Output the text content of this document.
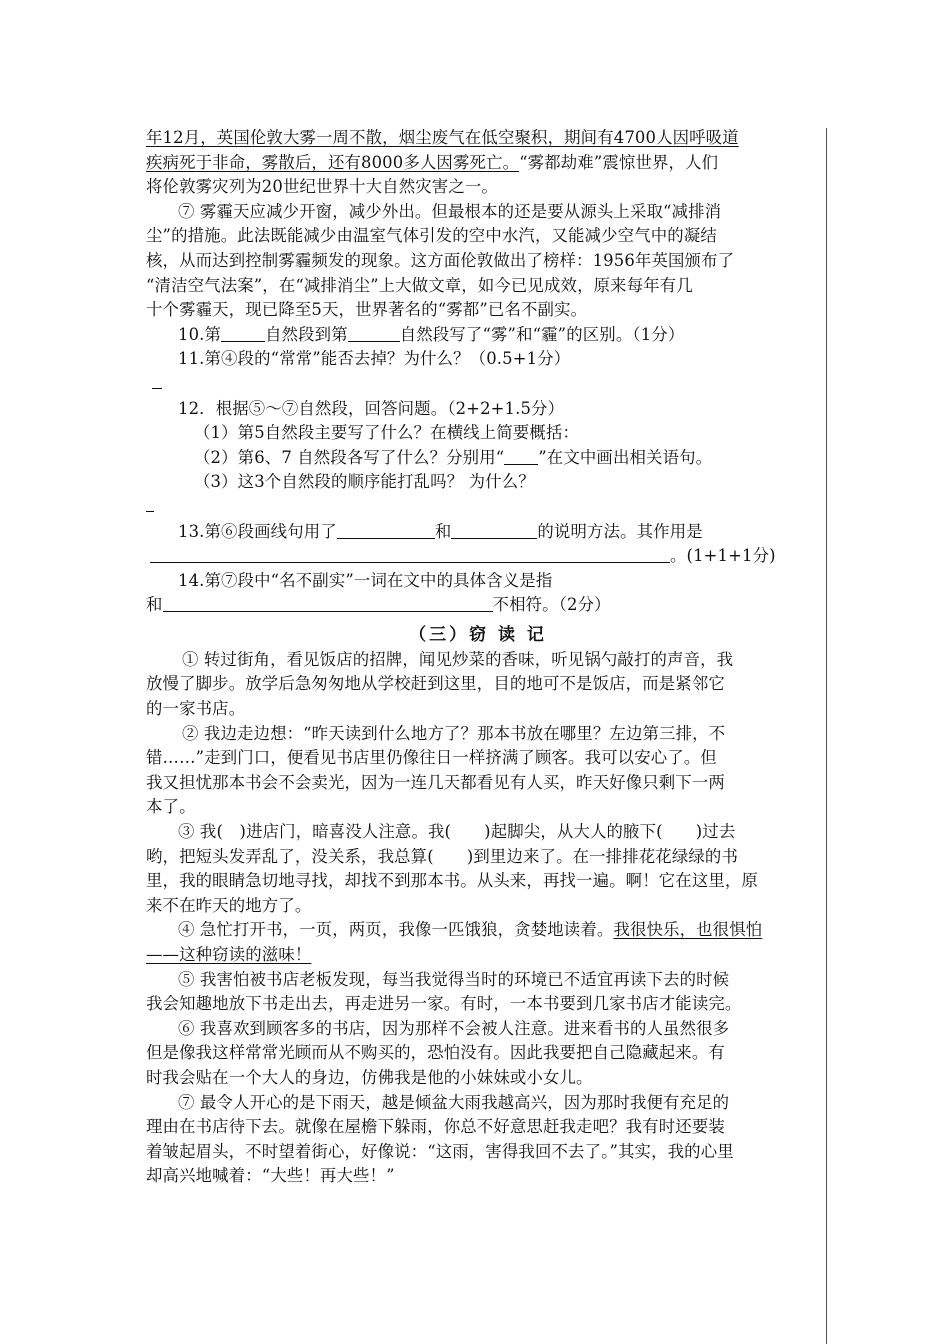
年12月，英国伦敦大雾一周不散，烟尘废气在低空聚积，期间有4700人因呼吸道
疾病死于非命，雾散后，还有8000多人因雾死亡。“雾都劫难”震惊世界，人们
将伦敦雾灾列为20世纪世界十大自然灾害之一。
⑦ 雾霾天应减少开窗，减少外出。但最根本的还是要从源头上采取“减排消
尘”的措施。此法既能减少由温室气体引发的空中水汽，又能减少空气中的凝结
核，从而达到控制雾霾频发的现象。这方面伦敦做出了榜样：1956年英国颁布了
“清洁空气法案”，在“减排消尘”上大做文章，如今已见成效，原来每年有几
十个雾霾天，现已降至5天，世界著名的“雾都”已名不副实。
10.第	自然段到第	自然段写了“雾”和“霾”的区别。（1分）
11.第④段的“常常”能否去掉？为什么？（0.5+1分）
12．根据⑤～⑦自然段，回答问题。（2+2+1.5分）
（1）第5自然段主要写了什么？在横线上简要概括：
（2）第6、7 自然段各写了什么？分别用“ ”在文中画出相关语句。
（3）这3个自然段的顺序能打乱吗？ 为什么？
13.第⑥段画线句用了	和	的说明方法。其作用是
。(1+1+1分)
14.第⑦段中“名不副实”一词在文中的具体含义是指
和	不相符。（2分）
（三）窃 读 记
① 转过街角，看见饭店的招牌，闻见炒菜的香味，听见锅勺敲打的声音，我
放慢了脚步。放学后急匆匆地从学校赶到这里，目的地可不是饭店，而是紧邻它
的一家书店。
② 我边走边想：“昨天读到什么地方了？那本书放在哪里？左边第三排，不
错……”走到门口，便看见书店里仍像往日一样挤满了顾客。我可以安心了。但
我又担忧那本书会不会卖光，因为一连几天都看见有人买，昨天好像只剩下一两
本了。
③ 我(　)进店门，暗喜没人注意。我(　　)起脚尖，从大人的腋下(　　)过去
哟，把短头发弄乱了，没关系，我总算(　　)到里边来了。在一排排花花绿绿的书
里，我的眼睛急切地寻找，却找不到那本书。从头来，再找一遍。啊！它在这里，原
来不在昨天的地方了。
④ 急忙打开书，一页，两页，我像一匹饿狼，贪婪地读着。我很快乐，也很惧怕
——这种窃读的滋味！
⑤ 我害怕被书店老板发现，每当我觉得当时的环境已不适宜再读下去的时候
我会知趣地放下书走出去，再走进另一家。有时，一本书要到几家书店才能读完。
⑥ 我喜欢到顾客多的书店，因为那样不会被人注意。进来看书的人虽然很多
但是像我这样常常光顾而从不购买的，恐怕没有。因此我要把自己隐藏起来。有
时我会贴在一个大人的身边，仿佛我是他的小妹妹或小女儿。
⑦ 最令人开心的是下雨天，越是倾盆大雨我越高兴，因为那时我便有充足的
理由在书店待下去。就像在屋檐下躲雨，你总不好意思赶我走吧？我有时还要装
着皱起眉头，不时望着街心，好像说：“这雨，害得我回不去了。”其实，我的心里
却高兴地喊着：“大些！再大些！”
